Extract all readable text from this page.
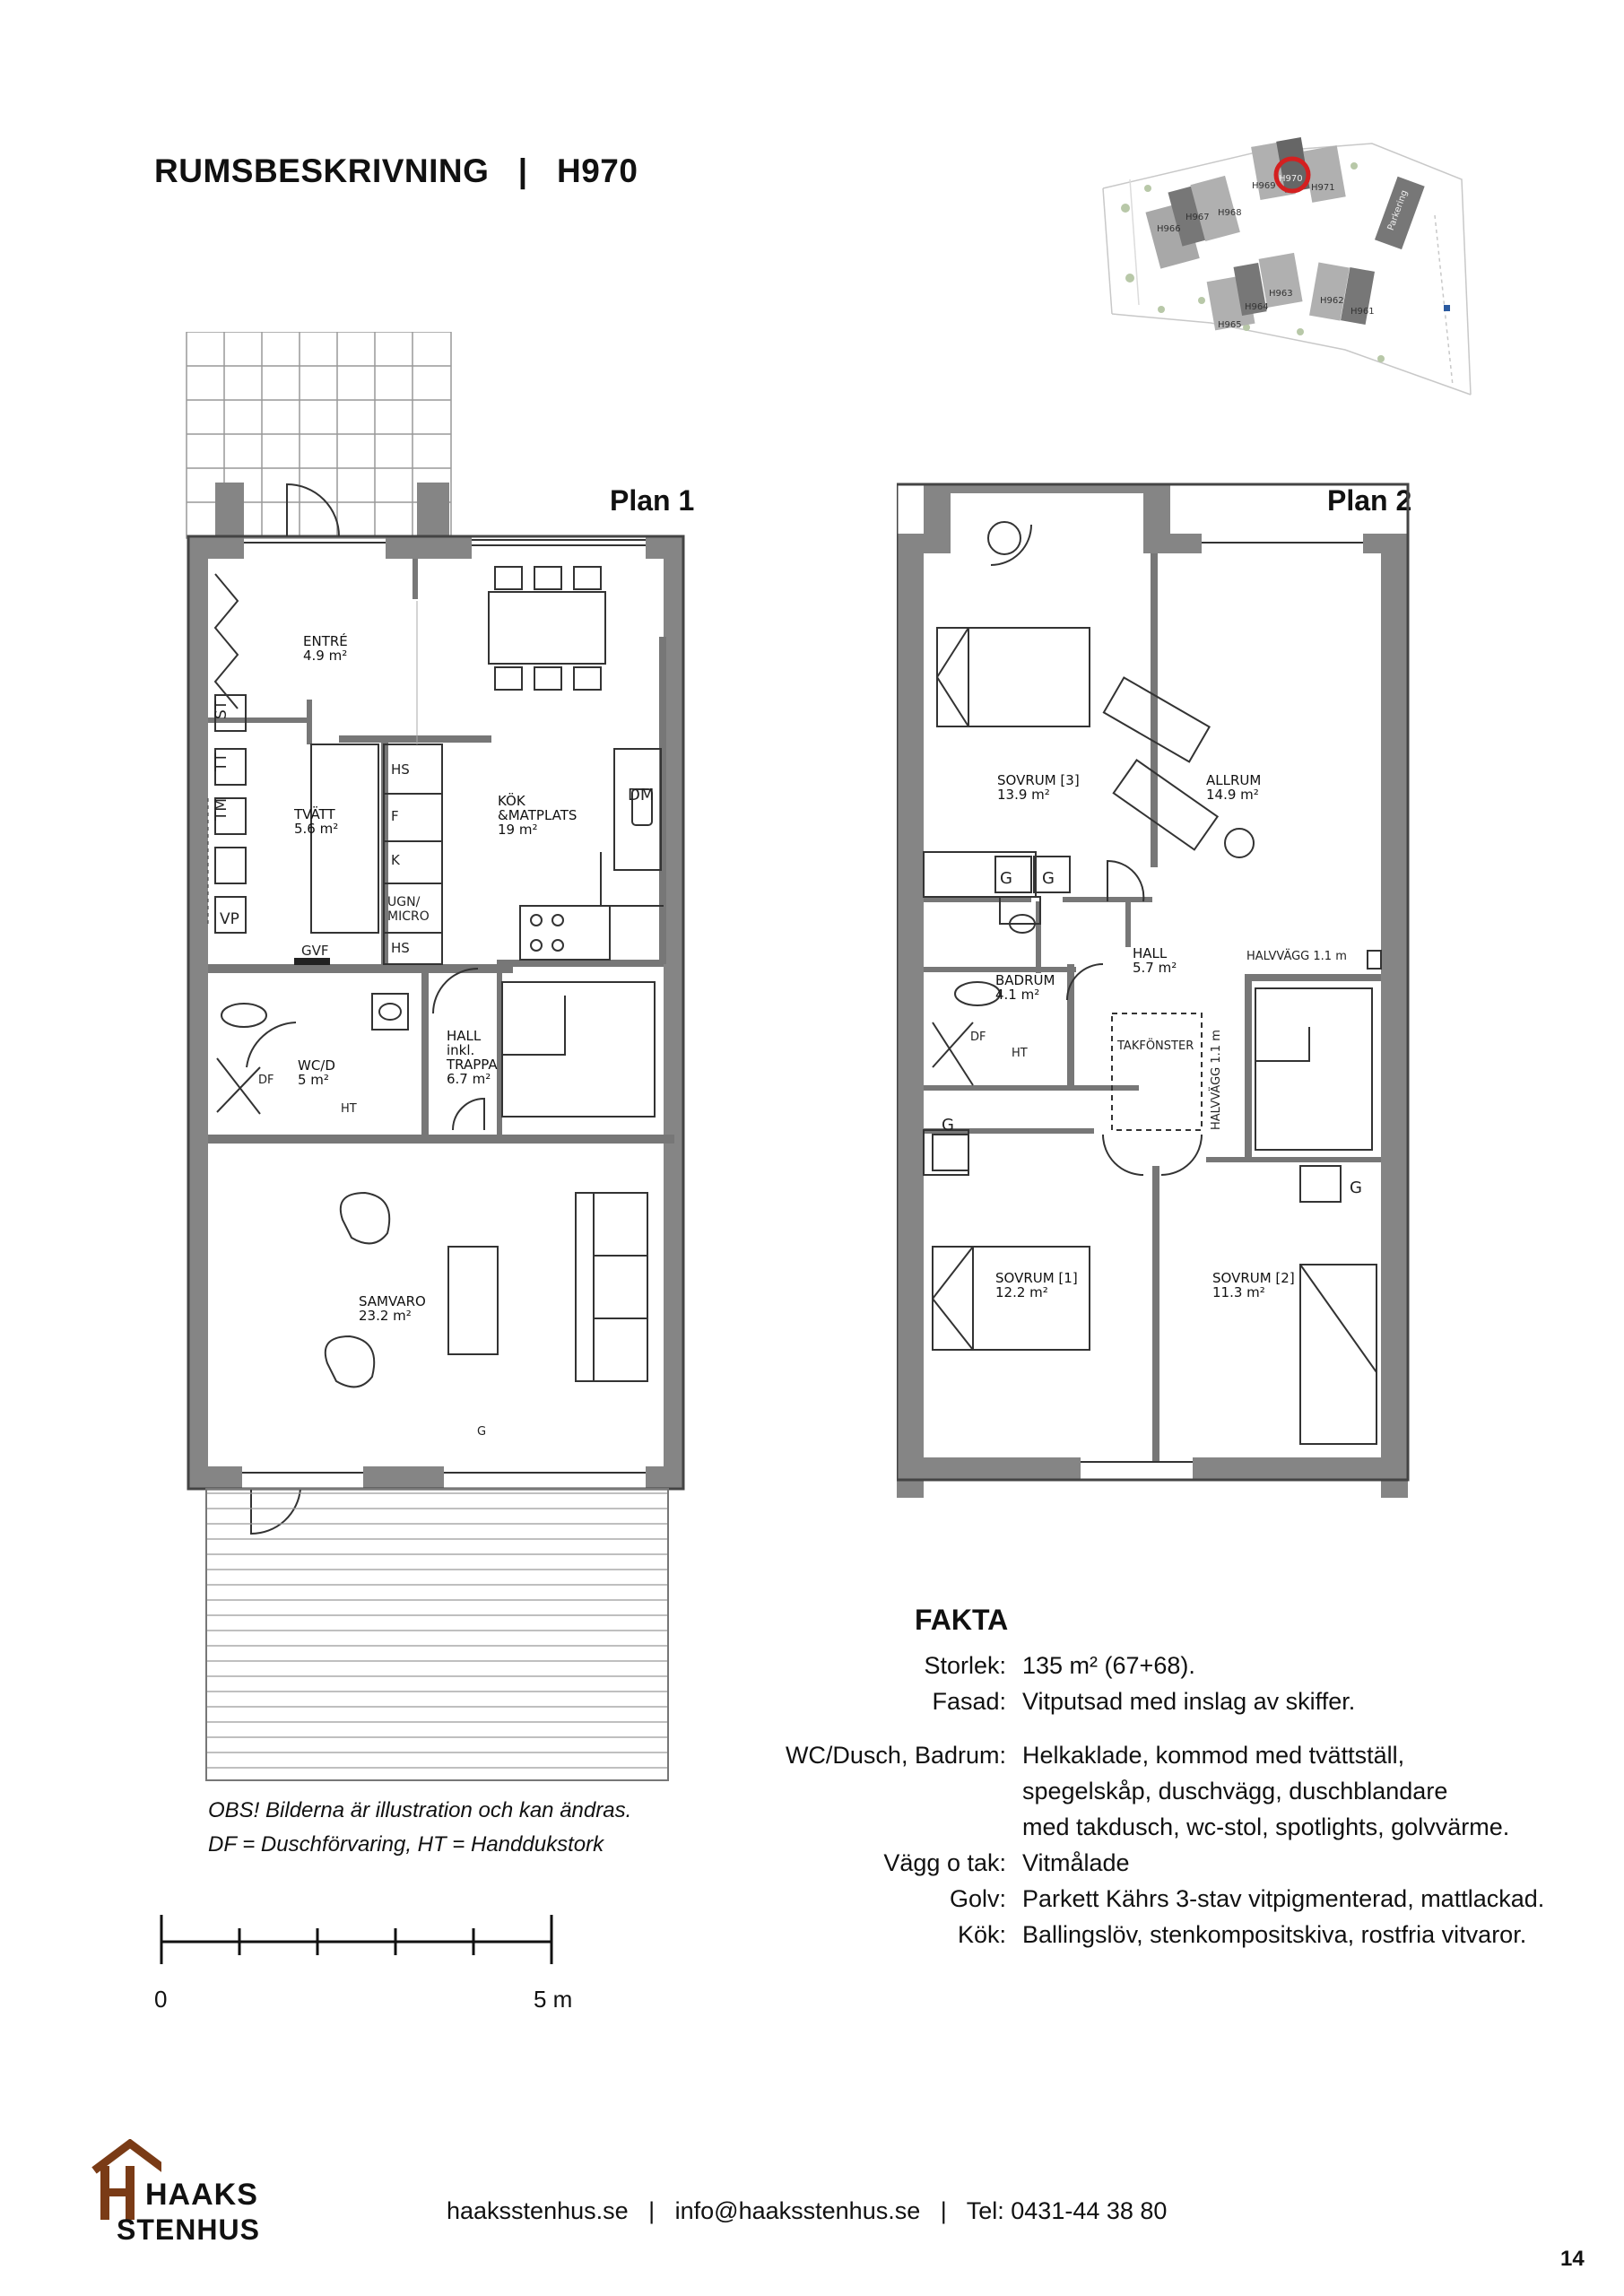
RUMSBESKRIVNING | H970
H966
H967 H968
H969
H970
H971
H965
H964
H963
H962
H961
Parkering
Plan 1	Plan 2
ENTRÉ
4.9 m²
TVÄTT
5.6 m²
KÖK
&MATPLATS
19 m²
WC/D
5 m²
HALL
inkl.
TRAPPA
6.7 m²
SAMVARO
23.2 m²
ST
TT
TM
VP
GVF
HS
F
K
UGN/
MICRO
HS
DM
DF
HT
G
SOVRUM [3]
13.9 m²
ALLRUM
14.9 m²
HALL
5.7 m²
BADRUM
4.1 m²
SOVRUM [1]
12.2 m²
SOVRUM [2]
11.3 m²
HALVVÄGG 1.1 m
HALVVÄGG 1.1 m
TAKFÖNSTER
DF
HT
G
G
G G
FAKTA
Storlek: 135 m² (67+68).
Fasad: Vitputsad med inslag av skiffer.
WC/Dusch, Badrum: Helkaklade, kommod med tvättställ,
spegelskåp, duschvägg, duschblandare
med takdusch, wc-stol, spotlights, golvvärme.
Vägg o tak: Vitmålade
Golv: Parkett Kährs 3-stav vitpigmenterad, mattlackad.
Kök: Ballingslöv, stenkompositskiva, rostfria vitvaror.
OBS! Bilderna är illustration och kan ändras.
DF = Duschförvaring, HT = Handdukstork
0	5 m
HAAKS
STENHUS
haaksstenhus.se   |   info@haaksstenhus.se   |   Tel: 0431-44 38 80
14
